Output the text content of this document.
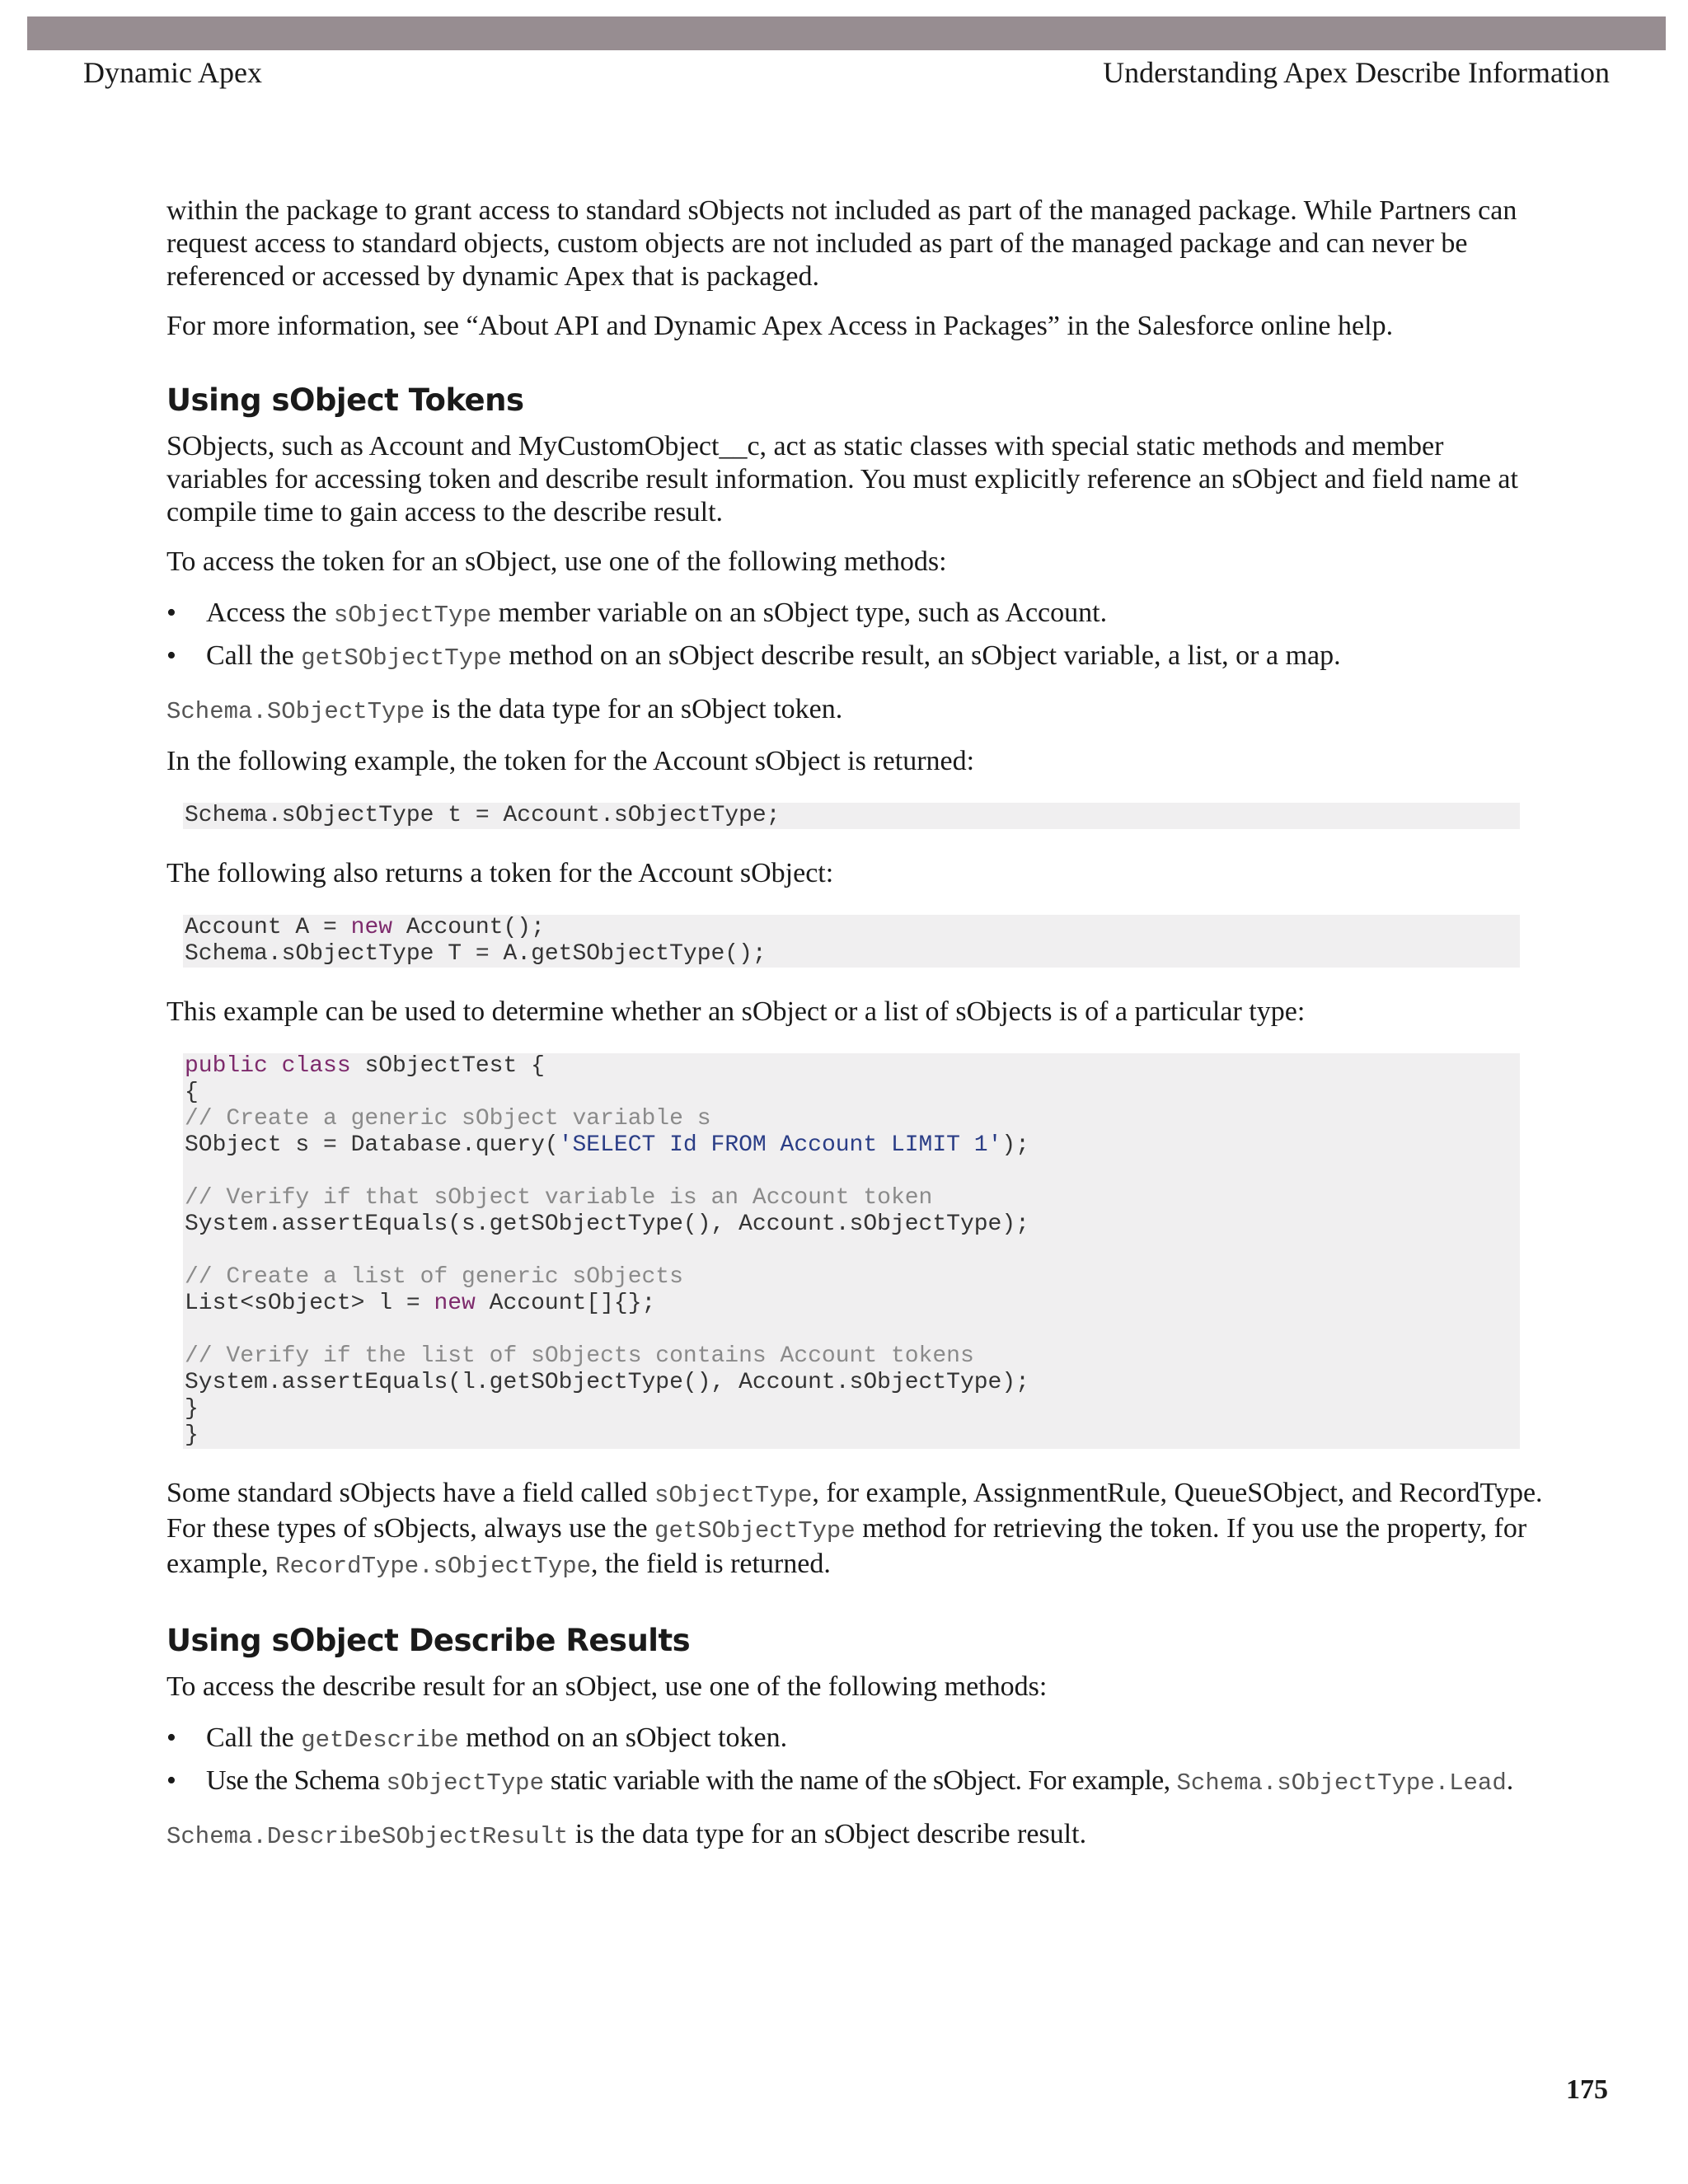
Dynamic Apex	Understanding Apex Describe Information

within the package to grant access to standard sObjects not included as part of the managed package. While Partners can request access to standard objects, custom objects are not included as part of the managed package and can never be referenced or accessed by dynamic Apex that is packaged.

For more information, see “About API and Dynamic Apex Access in Packages” in the Salesforce online help.

Using sObject Tokens

SObjects, such as Account and MyCustomObject__c, act as static classes with special static methods and member variables for accessing token and describe result information. You must explicitly reference an sObject and field name at compile time to gain access to the describe result.

To access the token for an sObject, use one of the following methods:

• Access the sObjectType member variable on an sObject type, such as Account.
• Call the getSObjectType method on an sObject describe result, an sObject variable, a list, or a map.

Schema.SObjectType is the data type for an sObject token.

In the following example, the token for the Account sObject is returned:

Schema.sObjectType t = Account.sObjectType;

The following also returns a token for the Account sObject:

Account A = new Account();
Schema.sObjectType T = A.getSObjectType();

This example can be used to determine whether an sObject or a list of sObjects is of a particular type:

public class sObjectTest {
{
// Create a generic sObject variable s
SObject s = Database.query('SELECT Id FROM Account LIMIT 1');

// Verify if that sObject variable is an Account token
System.assertEquals(s.getSObjectType(), Account.sObjectType);

// Create a list of generic sObjects
List<sObject> l = new Account[]{};

// Verify if the list of sObjects contains Account tokens
System.assertEquals(l.getSObjectType(), Account.sObjectType);
}
}

Some standard sObjects have a field called sObjectType, for example, AssignmentRule, QueueSObject, and RecordType. For these types of sObjects, always use the getSObjectType method for retrieving the token. If you use the property, for example, RecordType.sObjectType, the field is returned.

Using sObject Describe Results

To access the describe result for an sObject, use one of the following methods:

• Call the getDescribe method on an sObject token.
• Use the Schema sObjectType static variable with the name of the sObject. For example, Schema.sObjectType.Lead.

Schema.DescribeSObjectResult is the data type for an sObject describe result.

175
